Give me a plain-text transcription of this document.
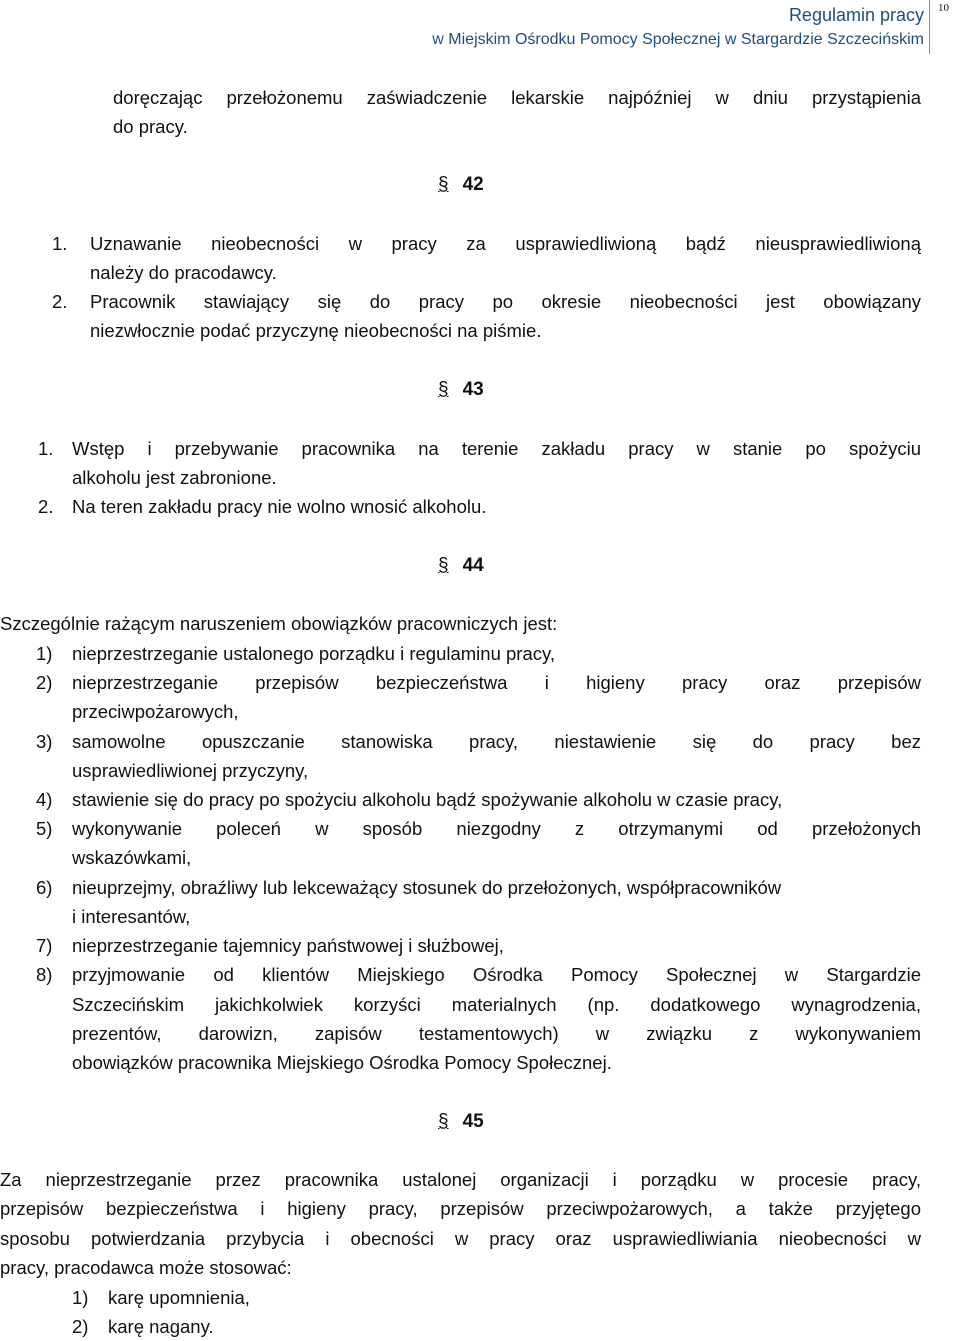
Regulamin pracy
w Miejskim Ośrodku Pomocy Społecznej w Stargardzie Szczecińskim
10
doręczając przełożonemu zaświadczenie lekarskie najpóźniej w dniu przystąpienia
do pracy.
§ 42
1. Uznawanie nieobecności w pracy za usprawiedliwioną bądź nieusprawiedliwioną
należy do pracodawcy.
2. Pracownik stawiający się do pracy po okresie nieobecności jest obowiązany
niezwłocznie podać przyczynę nieobecności na piśmie.
§ 43
1. Wstęp i przebywanie pracownika na terenie zakładu pracy w stanie po spożyciu
alkoholu jest zabronione.
2. Na teren zakładu pracy nie wolno wnosić alkoholu.
§ 44
Szczególnie rażącym naruszeniem obowiązków pracowniczych jest:
1) nieprzestrzeganie ustalonego porządku i regulaminu pracy,
2) nieprzestrzeganie przepisów bezpieczeństwa i higieny pracy oraz przepisów
przeciwpożarowych,
3) samowolne opuszczanie stanowiska pracy, niestawienie się do pracy bez
usprawiedliwionej przyczyny,
4) stawienie się do pracy po spożyciu alkoholu bądź spożywanie alkoholu w czasie pracy,
5) wykonywanie poleceń w sposób niezgodny z otrzymanymi od przełożonych
wskazówkami,
6) nieuprzejmy, obraźliwy lub lekceważący stosunek do przełożonych, współpracowników
i interesantów,
7) nieprzestrzeganie tajemnicy państwowej i służbowej,
8) przyjmowanie od klientów Miejskiego Ośrodka Pomocy Społecznej w Stargardzie
Szczecińskim jakichkolwiek korzyści materialnych (np. dodatkowego wynagrodzenia,
prezentów, darowizn, zapisów testamentowych) w związku z wykonywaniem
obowiązków pracownika Miejskiego Ośrodka Pomocy Społecznej.
§ 45
Za nieprzestrzeganie przez pracownika ustalonej organizacji i porządku w procesie pracy,
przepisów bezpieczeństwa i higieny pracy, przepisów przeciwpożarowych, a także przyjętego
sposobu potwierdzania przybycia i obecności w pracy oraz usprawiedliwiania nieobecności w
pracy, pracodawca może stosować:
1) karę upomnienia,
2) karę nagany.
